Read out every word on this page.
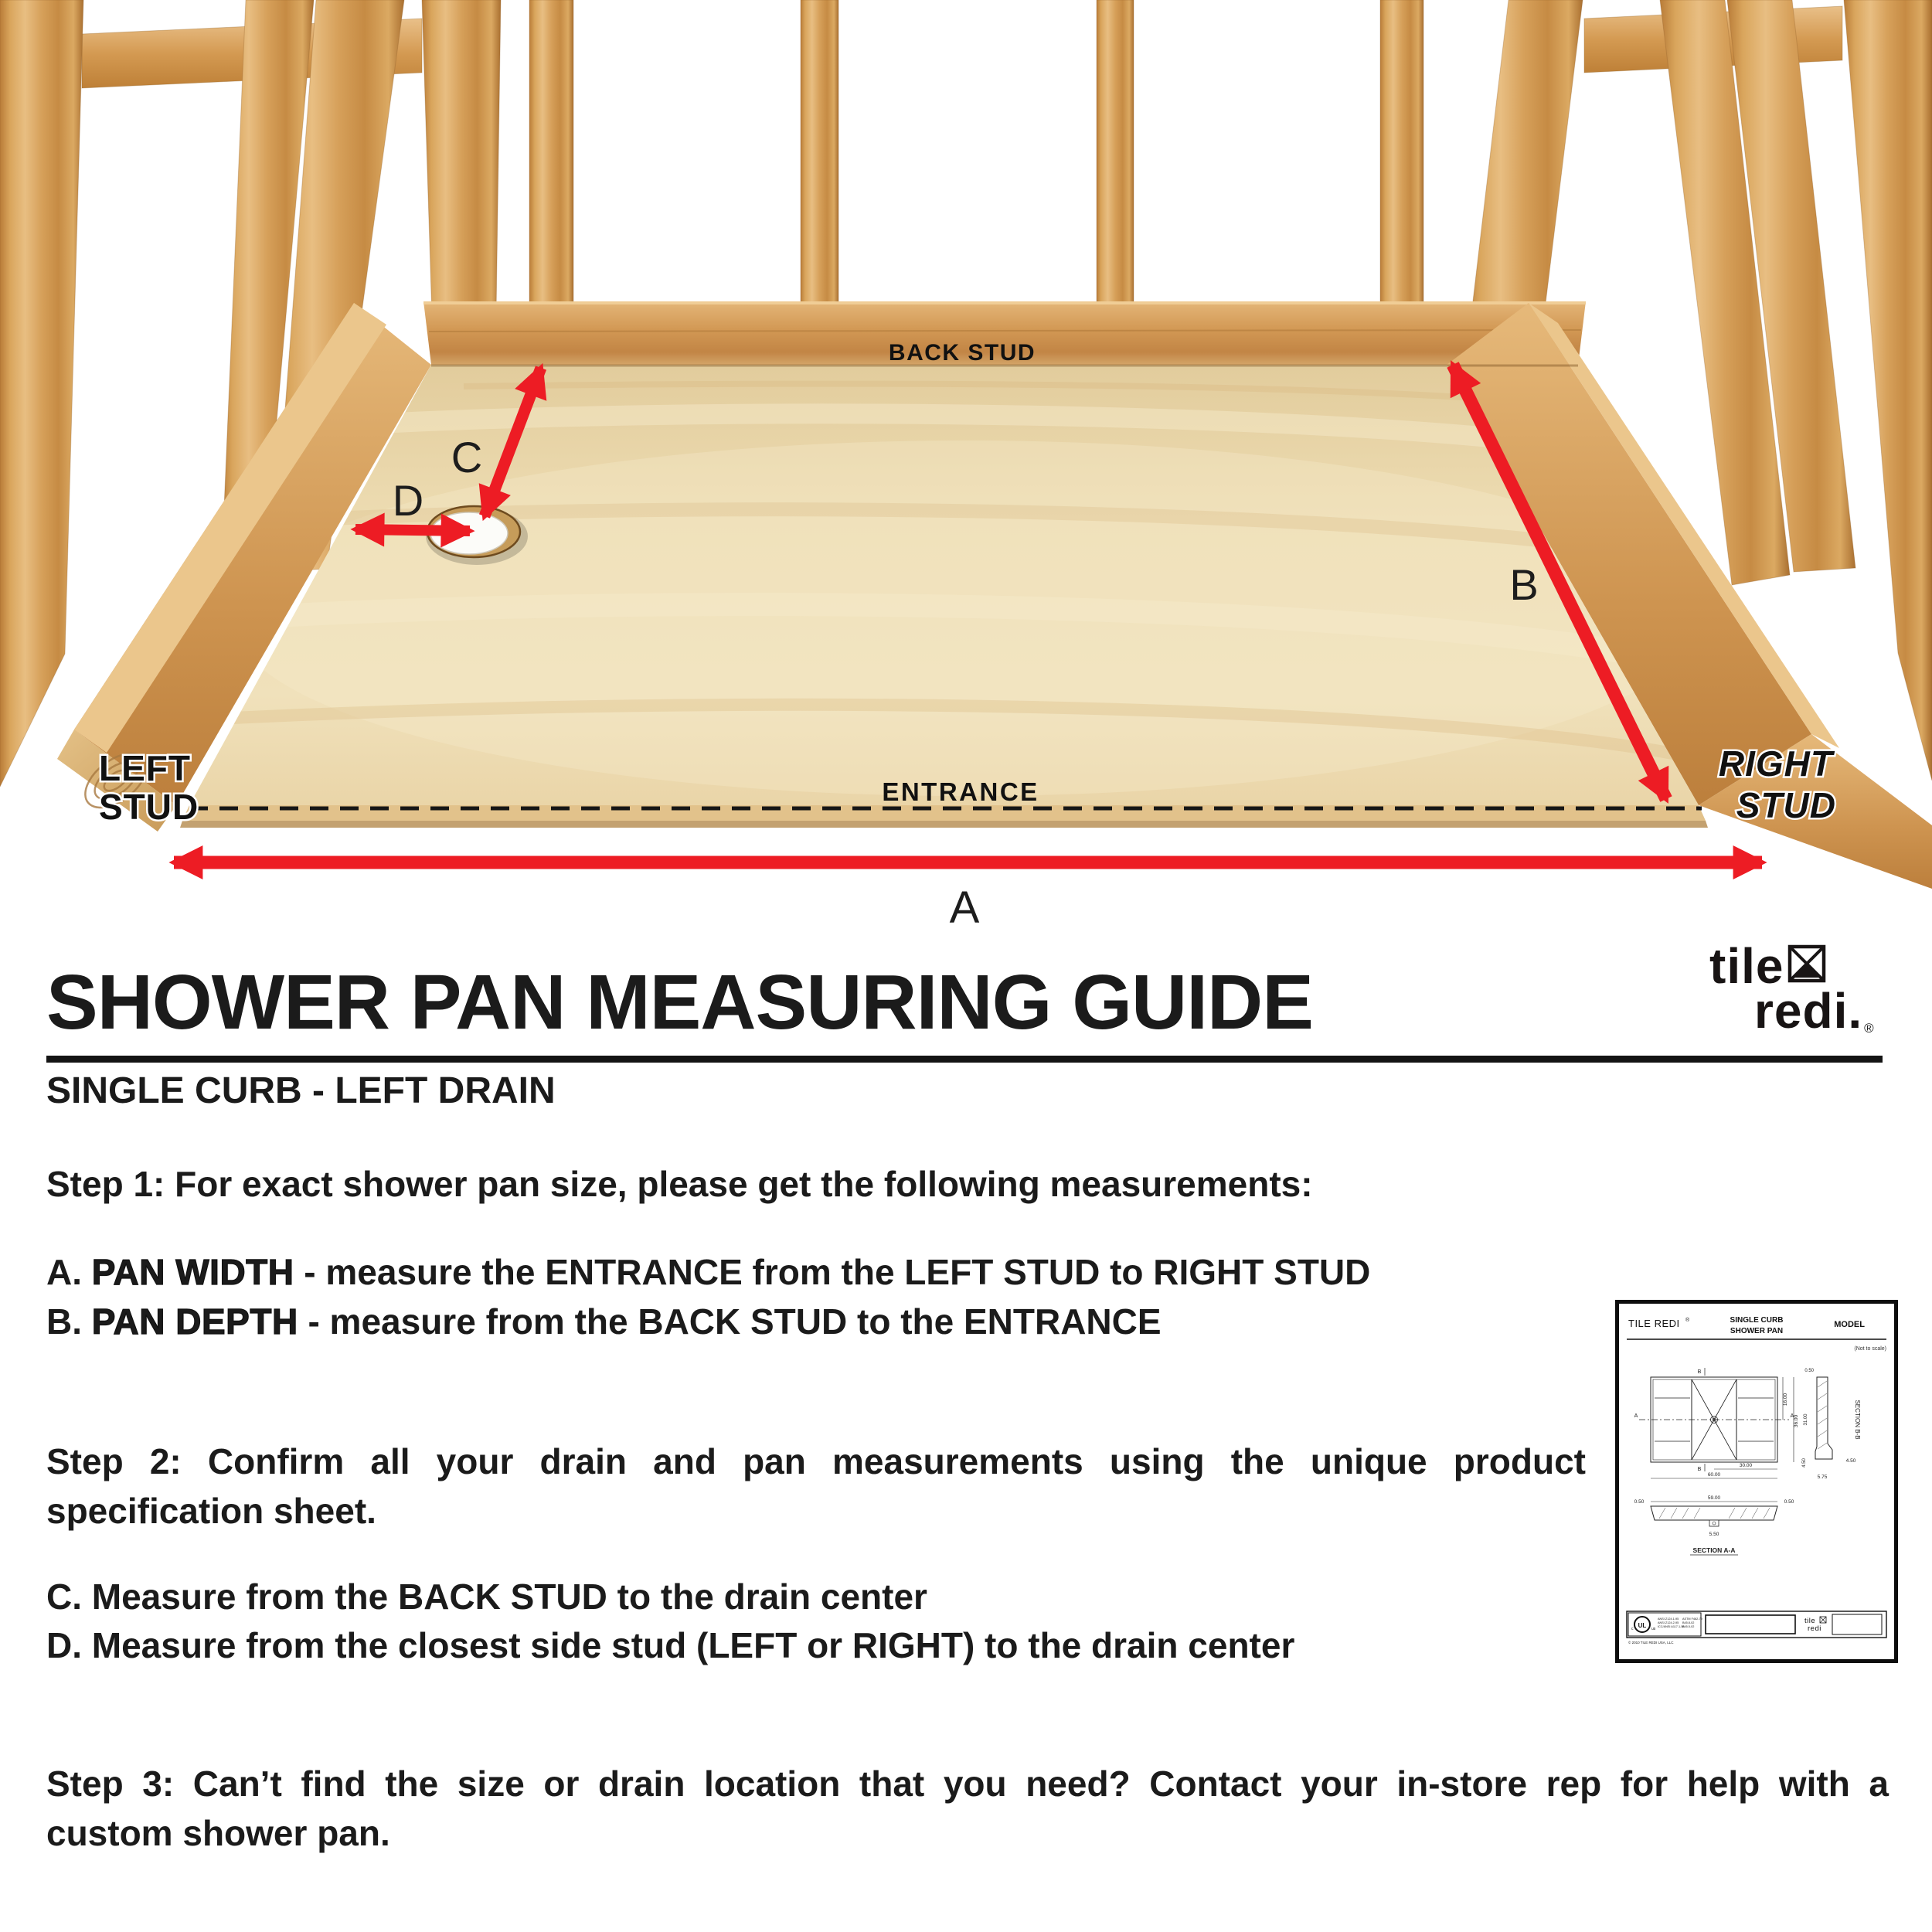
BACK STUD
ENTRANCE
LEFT
STUD
RIGHT
STUD
A
B
C
D
SHOWER PAN MEASURING GUIDE	tile
redi. ®
SINGLE CURB - LEFT DRAIN
Step 1: For exact shower pan size, please get the following measurements:
A. PAN WIDTH - measure the ENTRANCE from the LEFT STUD to RIGHT STUD
B. PAN DEPTH - measure from the BACK STUD to the ENTRANCE
Step 2: Confirm all your drain and pan measurements using the unique product
specification sheet.
C. Measure from the BACK STUD to the drain center
D. Measure from the closest side stud (LEFT or RIGHT) to the drain center
Step 3: Can’t find the size or drain location that you need? Contact your in-store rep for help with a
custom shower pan.
TILE REDI ®	SINGLE CURB
SHOWER PAN
MODEL
(Not to scale)
A	A
B
B
16.00
36.00
30.00
60.00
0.50
31.00
4.50	4.50
5.75
SECTION B-B
0.50
59.00
0.50
5.50
SECTION A-A
UL
c	us
ANSI Z124.1-95
ANSI Z124.2-95
ICC/ANSI A117.1-58
ASTM F462-79
B45.8-02
B45.5-02
tile
redi
© 2010 TILE REDI USA, LLC
